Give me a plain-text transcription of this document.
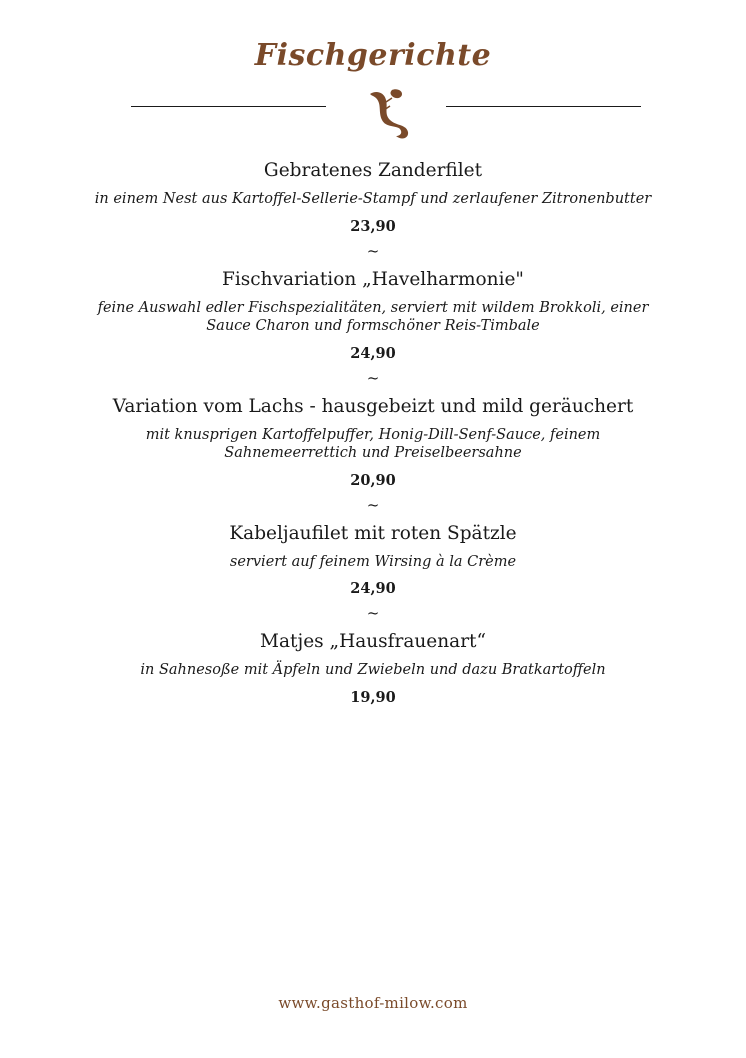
Fischgerichte
Gebratenes Zanderfilet
in einem Nest aus Kartoffel-Sellerie-Stampf und zerlaufener Zitronenbutter
23,90
~
Fischvariation „Havelharmonie"
feine Auswahl edler Fischspezialitäten, serviert mit wildem Brokkoli, einer Sauce Charon und formschöner Reis-Timbale
24,90
~
Variation vom Lachs - hausgebeizt und mild geräuchert
mit knusprigen Kartoffelpuffer, Honig-Dill-Senf-Sauce, feinem Sahnemeerrettich und Preiselbeersahne
20,90
~
Kabeljaufilet mit roten Spätzle
serviert auf feinem Wirsing à la Crème
24,90
~
Matjes „Hausfrauenart“
in Sahnesoße mit Äpfeln und Zwiebeln und dazu Bratkartoffeln
19,90
www.gasthof-milow.com
